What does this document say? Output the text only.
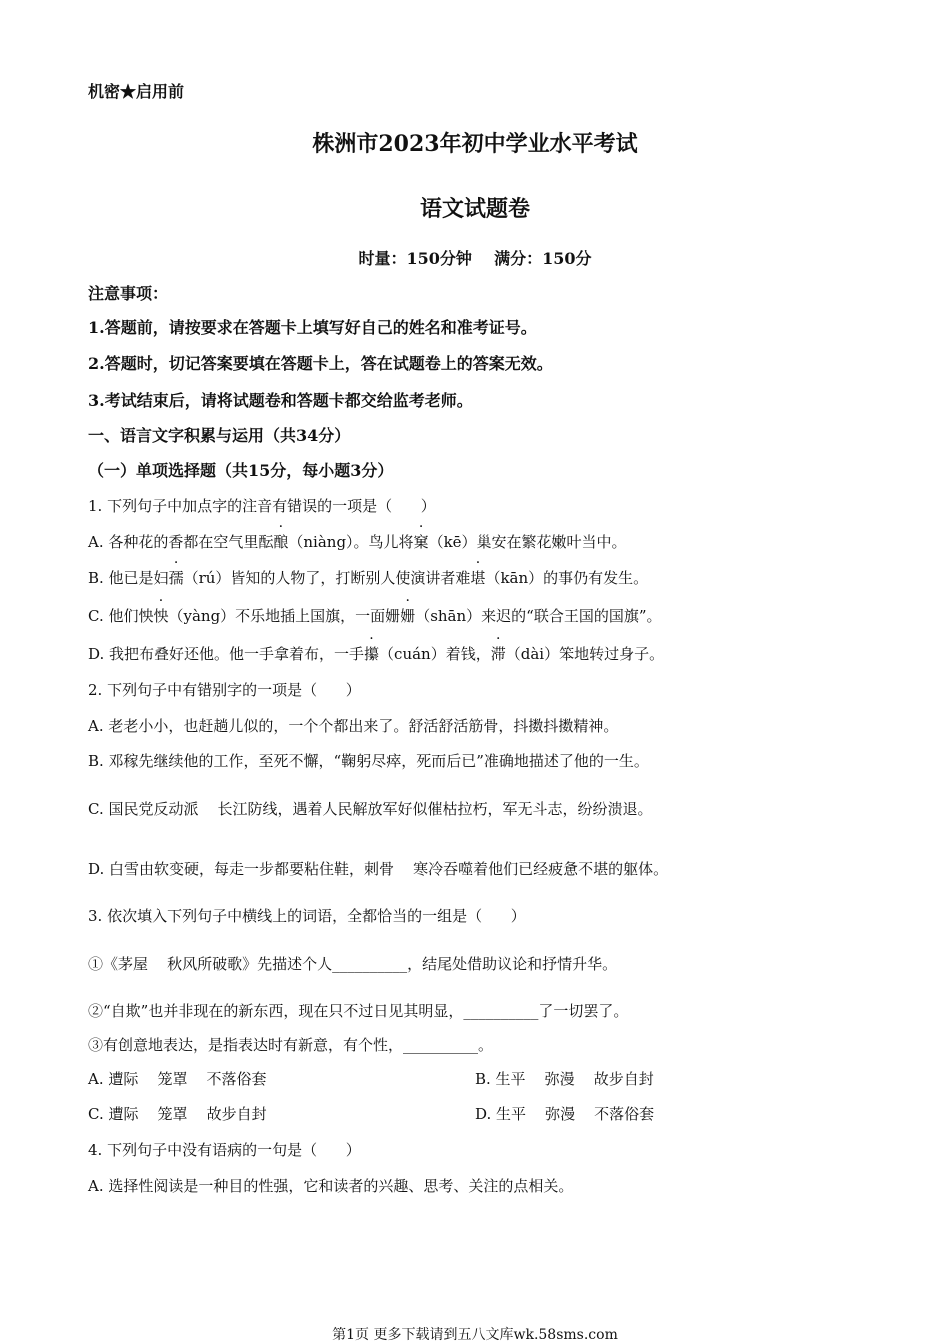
机密★启用前
株洲市2023年初中学业水平考试
语文试题卷
时量：150分钟    满分：150分
注意事项：
1.答题前，请按要求在答题卡上填写好自己的姓名和准考证号。
2.答题时，切记答案要填在答题卡上，答在试题卷上的答案无效。
3.考试结束后，请将试题卷和答题卡都交给监考老师。
一、语言文字积累与运用（共34分）
（一）单项选择题（共15分，每小题3分）
1. 下列句子中加点字的注音有错误的一项是（      ）
A. 各种花的香都在空气里酝酿（niàng）。鸟儿将窠（kē）巢安在繁花嫩叶当中。
B. 他已是妇孺（rú）皆知的人物了，打断别人使演讲者难堪（kān）的事仍有发生。
C. 他们怏怏（yàng）不乐地插上国旗，一面姗姗（shān）来迟的“联合王国的国旗”。
D. 我把布叠好还他。他一手拿着布，一手攥（cuán）着钱，滞（dài）笨地转过身子。
2. 下列句子中有错别字的一项是（      ）
A. 老老小小，也赶趟儿似的，一个个都出来了。舒活舒活筋骨，抖擞抖擞精神。
B. 邓稼先继续他的工作，至死不懈，“鞠躬尽瘁，死而后已”准确地描述了他的一生。
C. 国民党反动派    长江防线，遇着人民解放军好似催枯拉朽，军无斗志，纷纷溃退。
D. 白雪由软变硬，每走一步都要粘住鞋，刺骨    寒冷吞噬着他们已经疲惫不堪的躯体。
3. 依次填入下列句子中横线上的词语，全都恰当的一组是（      ）
①《茅屋    秋风所破歌》先描述个人__________，结尾处借助议论和抒情升华。
②“自欺”也并非现在的新东西，现在只不过日见其明显，__________了一切罢了。
③有创意地表达，是指表达时有新意，有个性，__________。
A. 遭际    笼罩    不落俗套	B. 生平    弥漫    故步自封
C. 遭际    笼罩    故步自封	D. 生平    弥漫    不落俗套
4. 下列句子中没有语病的一句是（      ）
A. 选择性阅读是一种目的性强，它和读者的兴趣、思考、关注的点相关。
第1页 更多下载请到五八文库wk.58sms.com
